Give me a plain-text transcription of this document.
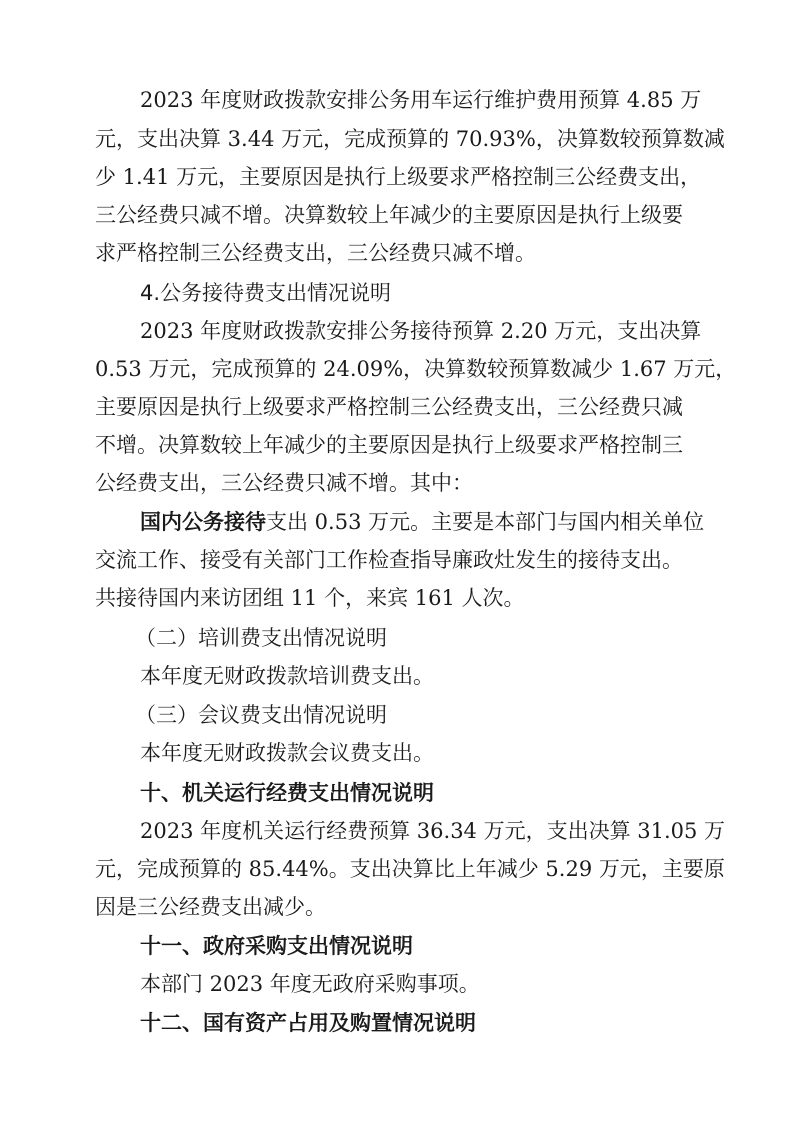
2023 年度财政拨款安排公务用车运行维护费用预算 4.85 万
元，支出决算 3.44 万元，完成预算的 70.93%，决算数较预算数减
少 1.41 万元，主要原因是执行上级要求严格控制三公经费支出，
三公经费只减不增。决算数较上年减少的主要原因是执行上级要
求严格控制三公经费支出，三公经费只减不增。
4.公务接待费支出情况说明
2023 年度财政拨款安排公务接待预算 2.20 万元，支出决算
0.53 万元，完成预算的 24.09%，决算数较预算数减少 1.67 万元，
主要原因是执行上级要求严格控制三公经费支出，三公经费只减
不增。决算数较上年减少的主要原因是执行上级要求严格控制三
公经费支出，三公经费只减不增。其中：
国内公务接待支出 0.53 万元。主要是本部门与国内相关单位
交流工作、接受有关部门工作检查指导廉政灶发生的接待支出。
共接待国内来访团组 11 个，来宾 161 人次。
（二）培训费支出情况说明
本年度无财政拨款培训费支出。
（三）会议费支出情况说明
本年度无财政拨款会议费支出。
十、机关运行经费支出情况说明
2023 年度机关运行经费预算 36.34 万元，支出决算 31.05 万
元，完成预算的 85.44%。支出决算比上年减少 5.29 万元，主要原
因是三公经费支出减少。
十一、政府采购支出情况说明
本部门 2023 年度无政府采购事项。
十二、国有资产占用及购置情况说明
